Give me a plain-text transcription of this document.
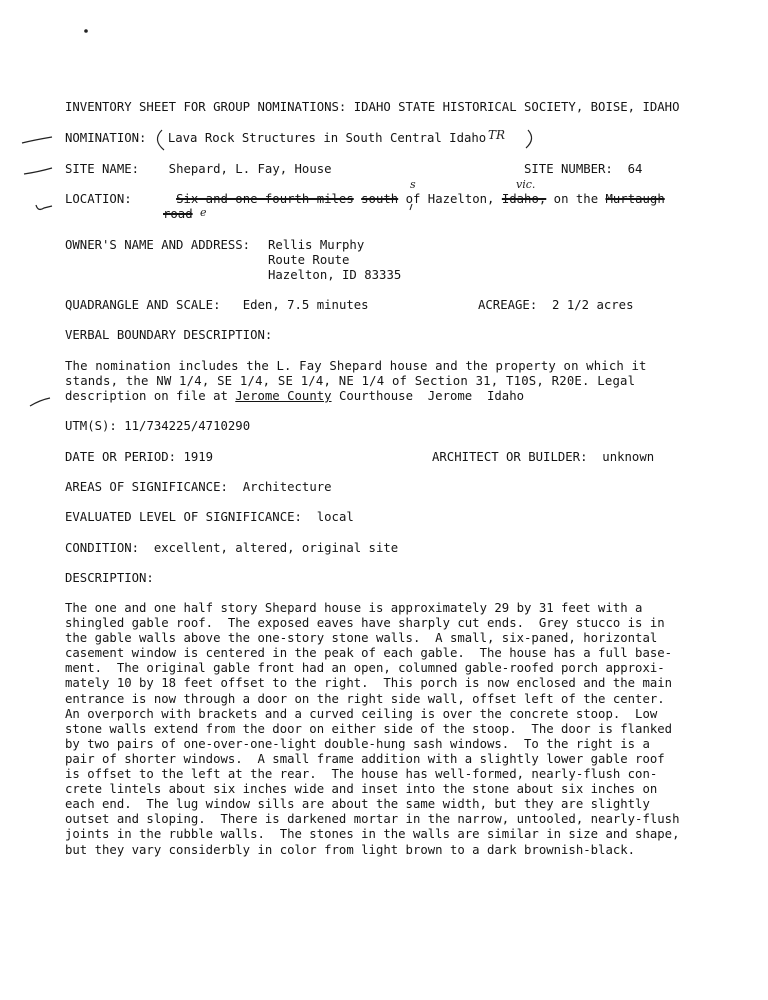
INVENTORY SHEET FOR GROUP NOMINATIONS: IDAHO STATE HISTORICAL SOCIETY, BOISE, IDAHO
NOMINATION: Lava Rock Structures in South Central Idaho TR
SITE NAME: Shepard, L. Fay, House	SITE NUMBER: 64
LOCATION:	Six and one-fourth miles south of Hazelton, Idaho, on the Murtaugh
road
s	vic.
e
OWNER'S NAME AND ADDRESS: Rellis Murphy
Route Route
Hazelton, ID 83335
QUADRANGLE AND SCALE: Eden, 7.5 minutes	ACREAGE: 2 1/2 acres
VERBAL BOUNDARY DESCRIPTION:
The nomination includes the L. Fay Shepard house and the property on which it
stands, the NW 1/4, SE 1/4, SE 1/4, NE 1/4 of Section 31, T10S, R20E. Legal
description on file at Jerome County Courthouse  Jerome  Idaho
UTM(S): 11/734225/4710290
DATE OR PERIOD: 1919	ARCHITECT OR BUILDER: unknown
AREAS OF SIGNIFICANCE: Architecture
EVALUATED LEVEL OF SIGNIFICANCE: local
CONDITION: excellent, altered, original site
DESCRIPTION:
The one and one half story Shepard house is approximately 29 by 31 feet with a
shingled gable roof.  The exposed eaves have sharply cut ends.  Grey stucco is in
the gable walls above the one-story stone walls.  A small, six-paned, horizontal
casement window is centered in the peak of each gable.  The house has a full base-
ment.  The original gable front had an open, columned gable-roofed porch approxi-
mately 10 by 18 feet offset to the right.  This porch is now enclosed and the main
entrance is now through a door on the right side wall, offset left of the center.
An overporch with brackets and a curved ceiling is over the concrete stoop.  Low
stone walls extend from the door on either side of the stoop.  The door is flanked
by two pairs of one-over-one-light double-hung sash windows.  To the right is a
pair of shorter windows.  A small frame addition with a slightly lower gable roof
is offset to the left at the rear.  The house has well-formed, nearly-flush con-
crete lintels about six inches wide and inset into the stone about six inches on
each end.  The lug window sills are about the same width, but they are slightly
outset and sloping.  There is darkened mortar in the narrow, untooled, nearly-flush
joints in the rubble walls.  The stones in the walls are similar in size and shape,
but they vary considerbly in color from light brown to a dark brownish-black.
